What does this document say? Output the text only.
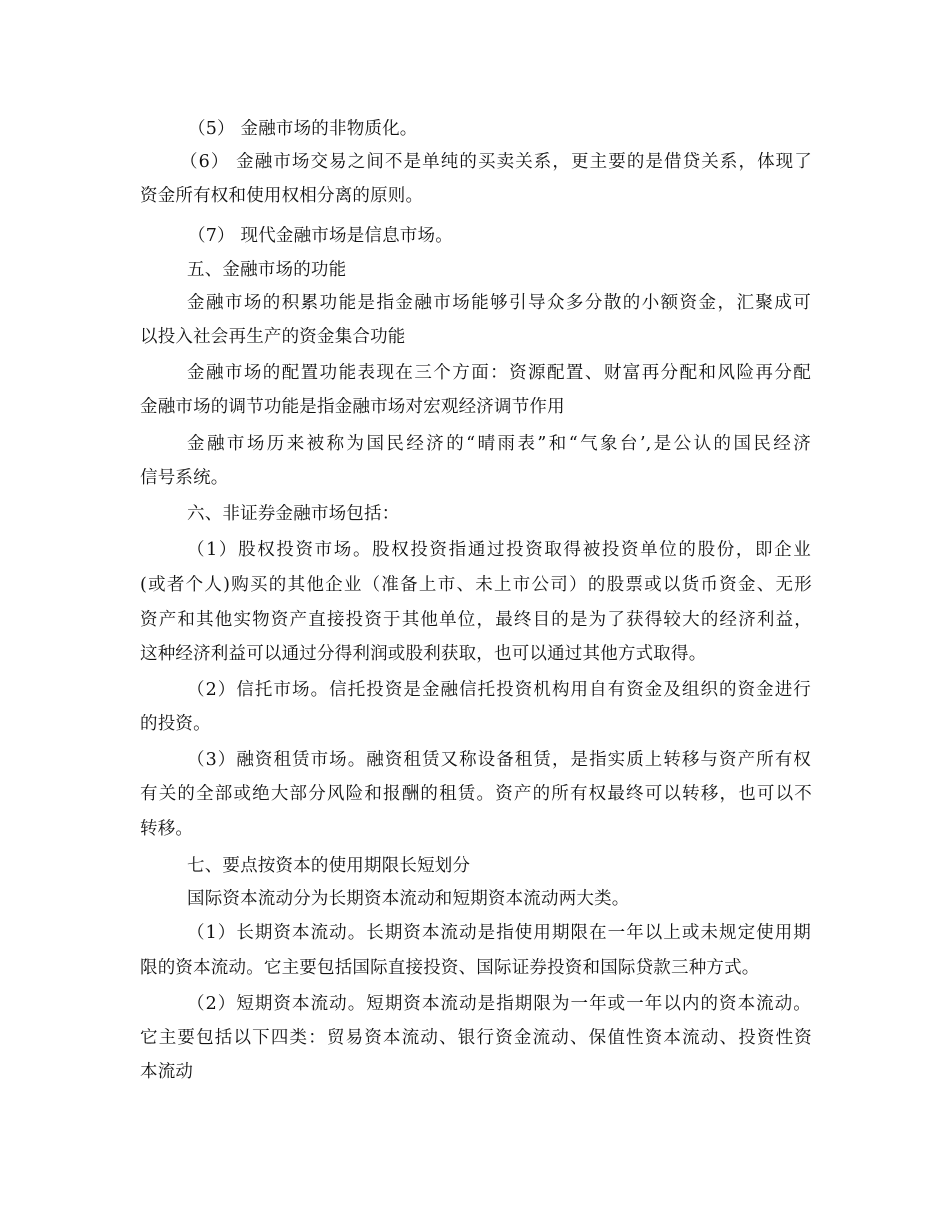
（5） 金融市场的非物质化。
（6） 金融市场交易之间不是单纯的买卖关系，更主要的是借贷关系，体现了
资金所有权和使用权相分离的原则。
（7） 现代金融市场是信息市场。
五、金融市场的功能
金融市场的积累功能是指金融市场能够引导众多分散的小额资金，汇聚成可
以投入社会再生产的资金集合功能
金融市场的配置功能表现在三个方面：资源配置、财富再分配和风险再分配
金融市场的调节功能是指金融市场对宏观经济调节作用
金融市场历来被称为国民经济的“晴雨表”和“气象台’,是公认的国民经济
信号系统。
六、非证券金融市场包括：
（1）股权投资市场。股权投资指通过投资取得被投资单位的股份，即企业
(或者个人)购买的其他企业（准备上市、未上市公司）的股票或以货币资金、无形
资产和其他实物资产直接投资于其他单位，最终目的是为了获得较大的经济利益，
这种经济利益可以通过分得利润或股利获取，也可以通过其他方式取得。
（2）信托市场。信托投资是金融信托投资机构用自有资金及组织的资金进行
的投资。
（3）融资租赁市场。融资租赁又称设备租赁，是指实质上转移与资产所有权
有关的全部或绝大部分风险和报酬的租赁。资产的所有权最终可以转移，也可以不
转移。
七、要点按资本的使用期限长短划分
国际资本流动分为长期资本流动和短期资本流动两大类。
（1）长期资本流动。长期资本流动是指使用期限在一年以上或未规定使用期
限的资本流动。它主要包括国际直接投资、国际证券投资和国际贷款三种方式。
（2）短期资本流动。短期资本流动是指期限为一年或一年以内的资本流动。
它主要包括以下四类：贸易资本流动、银行资金流动、保值性资本流动、投资性资
本流动
